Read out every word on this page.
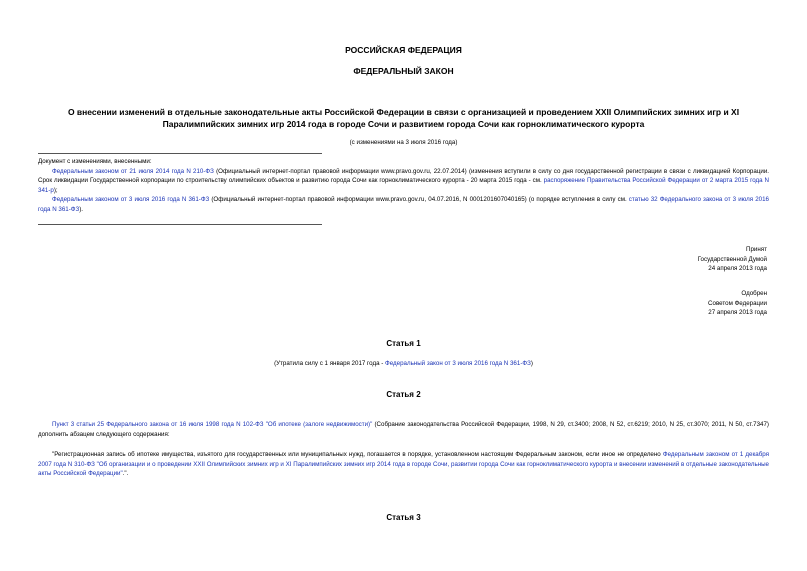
РОССИЙСКАЯ ФЕДЕРАЦИЯ
ФЕДЕРАЛЬНЫЙ ЗАКОН
О внесении изменений в отдельные законодательные акты Российской Федерации в связи с организацией и проведением XXII Олимпийских зимних игр и XI
Паралимпийских зимних игр 2014 года в городе Сочи и развитием города Сочи как горноклиматического курорта
(с изменениями на 3 июля 2016 года)
Документ с изменениями, внесенными:
Федеральным законом от 21 июля 2014 года N 210-ФЗ (Официальный интернет-портал правовой информации www.pravo.gov.ru, 22.07.2014) (изменения вступили в силу со дня государственной регистрации в связи с ликвидацией Корпорации. Срок ликвидации Государственной корпорации по строительству олимпийских объектов и развитию города Сочи как горноклиматического курорта - 20 марта 2015 года - см. распоряжение Правительства Российской Федерации от 2 марта 2015 года N 341-р);
Федеральным законом от 3 июля 2016 года N 361-ФЗ (Официальный интернет-портал правовой информации www.pravo.gov.ru, 04.07.2016, N 0001201607040165) (о порядке вступления в силу см. статью 32 Федерального закона от 3 июля 2016 года N 361-ФЗ).
Принят
Государственной Думой
24 апреля 2013 года
Одобрен
Советом Федерации
27 апреля 2013 года
Статья 1
(Утратила силу с 1 января 2017 года - Федеральный закон от 3 июля 2016 года N 361-ФЗ)
Статья 2
Пункт 3 статьи 25 Федерального закона от 16 июля 1998 года N 102-ФЗ "Об ипотеке (залоге недвижимости)" (Собрание законодательства Российской Федерации, 1998, N 29, ст.3400; 2008, N 52, ст.6219; 2010, N 25, ст.3070; 2011, N 50, ст.7347) дополнить абзацем следующего содержания:
"Регистрационная запись об ипотеке имущества, изъятого для государственных или муниципальных нужд, погашается в порядке, установленном настоящим Федеральным законом, если иное не определено Федеральным законом от 1 декабря 2007 года N 310-ФЗ "Об организации и о проведении XXII Олимпийских зимних игр и XI Паралимпийских зимних игр 2014 года в городе Сочи, развитии города Сочи как горноклиматического курорта и внесении изменений в отдельные законодательные акты Российской Федерации".".
Статья 3
